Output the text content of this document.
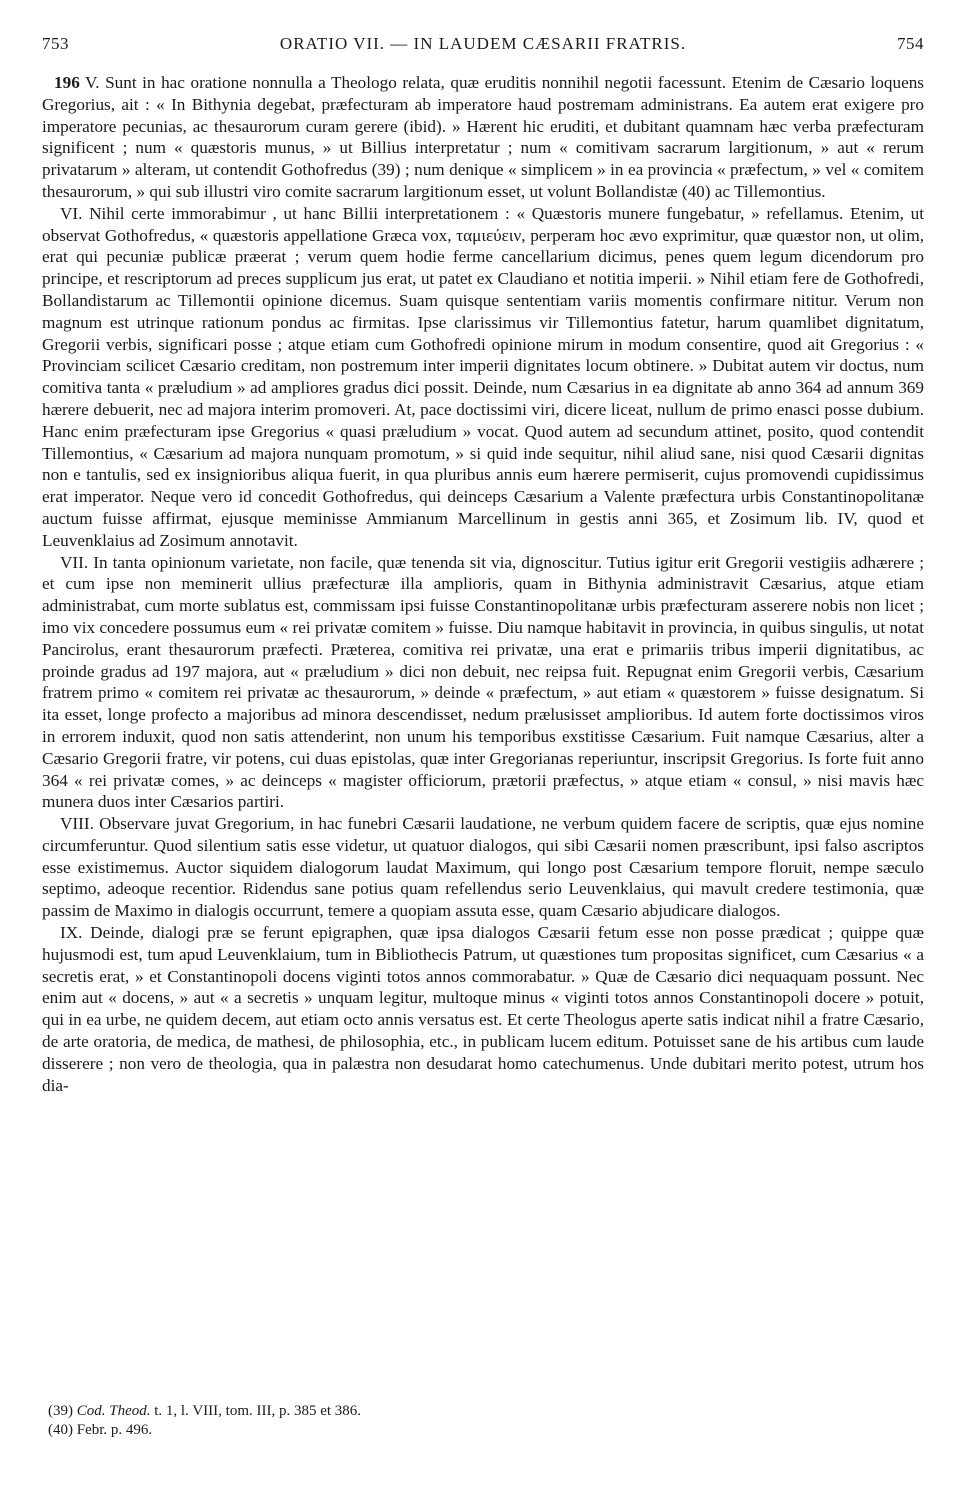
753	ORATIO VII. — IN LAUDEM CÆSARII FRATRIS.	754

196 V. Sunt in hac oratione nonnulla a Theologo relata, quæ eruditis nonnihil negotii facessunt. Etenim de Cæsario loquens Gregorius, ait : « In Bithynia degebat, præfecturam ab imperatore haud postremam administrans. Ea autem erat exigere pro imperatore pecunias, ac thesaurorum curam gerere (ibid). » Hærent hic eruditi, et dubitant quamnam hæc verba præfecturam significent ; num « quæstoris munus, » ut Billius interpretatur ; num « comitivam sacrarum largitionum, » aut « rerum privatarum » alteram, ut contendit Gothofredus (39) ; num denique « simplicem » in ea provincia « præfectum, » vel « comitem thesaurorum, » qui sub illustri viro comite sacrarum largitionum esset, ut volunt Bollandistæ (40) ac Tillemontius.

VI. Nihil certe immorabimur , ut hanc Billii interpretationem : « Quæstoris munere fungebatur, » refellamus. Etenim, ut observat Gothofredus, « quæstoris appellatione Græca vox, ταμιεύειν, perperam hoc ævo exprimitur, quæ quæstor non, ut olim, erat qui pecuniæ publicæ præerat ; verum quem hodie ferme cancellarium dicimus, penes quem legum dicendorum pro principe, et rescriptorum ad preces supplicum jus erat, ut patet ex Claudiano et notitia imperii. » Nihil etiam fere de Gothofredi, Bollandistarum ac Tillemontii opinione dicemus. Suam quisque sententiam variis momentis confirmare nititur. Verum non magnum est utrinque rationum pondus ac firmitas. Ipse clarissimus vir Tillemontius fatetur, harum quamlibet dignitatum, Gregorii verbis, significari posse ; atque etiam cum Gothofredi opinione mirum in modum consentire, quod ait Gregorius : « Provinciam scilicet Cæsario creditam, non postremum inter imperii dignitates locum obtinere. » Dubitat autem vir doctus, num comitiva tanta « præludium » ad ampliores gradus dici possit. Deinde, num Cæsarius in ea dignitate ab anno 364 ad annum 369 hærere debuerit, nec ad majora interim promoveri. At, pace doctissimi viri, dicere liceat, nullum de primo enasci posse dubium. Hanc enim præfecturam ipse Gregorius « quasi præludium » vocat. Quod autem ad secundum attinet, posito, quod contendit Tillemontius, « Cæsarium ad majora nunquam promotum, » si quid inde sequitur, nihil aliud sane, nisi quod Cæsarii dignitas non e tantulis, sed ex insignioribus aliqua fuerit, in qua pluribus annis eum hærere permiserit, cujus promovendi cupidissimus erat imperator. Neque vero id concedit Gothofredus, qui deinceps Cæsarium a Valente præfectura urbis Constantinopolitanæ auctum fuisse affirmat, ejusque meminisse Ammianum Marcellinum in gestis anni 365, et Zosimum lib. IV, quod et Leuvenklaius ad Zosimum annotavit.

VII. In tanta opinionum varietate, non facile, quæ tenenda sit via, dignoscitur. Tutius igitur erit Gregorii vestigiis adhærere ; et cum ipse non meminerit ullius præfecturæ illa amplioris, quam in Bithynia administravit Cæsarius, atque etiam administrabat, cum morte sublatus est, commissam ipsi fuisse Constantinopolitanæ urbis præfecturam asserere nobis non licet ; imo vix concedere possumus eum « rei privatæ comitem » fuisse. Diu namque habitavit in provincia, in quibus singulis, ut notat Pancirolus, erant thesaurorum præfecti. Præterea, comitiva rei privatæ, una erat e primariis tribus imperii dignitatibus, ac proinde gradus ad 197 majora, aut « præludium » dici non debuit, nec reipsa fuit. Repugnat enim Gregorii verbis, Cæsarium fratrem primo « comitem rei privatæ ac thesaurorum, » deinde « præfectum, » aut etiam « quæstorem » fuisse designatum. Si ita esset, longe profecto a majoribus ad minora descendisset, nedum prælusisset amplioribus. Id autem forte doctissimos viros in errorem induxit, quod non satis attenderint, non unum his temporibus exstitisse Cæsarium. Fuit namque Cæsarius, alter a Cæsario Gregorii fratre, vir potens, cui duas epistolas, quæ inter Gregorianas reperiuntur, inscripsit Gregorius. Is forte fuit anno 364 « rei privatæ comes, » ac deinceps « magister officiorum, prætorii præfectus, » atque etiam « consul, » nisi mavis hæc munera duos inter Cæsarios partiri.

VIII. Observare juvat Gregorium, in hac funebri Cæsarii laudatione, ne verbum quidem facere de scriptis, quæ ejus nomine circumferuntur. Quod silentium satis esse videtur, ut quatuor dialogos, qui sibi Cæsarii nomen præscribunt, ipsi falso ascriptos esse existimemus. Auctor siquidem dialogorum laudat Maximum, qui longo post Cæsarium tempore floruit, nempe sæculo septimo, adeoque recentior. Ridendus sane potius quam refellendus serio Leuvenklaius, qui mavult credere testimonia, quæ passim de Maximo in dialogis occurrunt, temere a quopiam assuta esse, quam Cæsario abjudicare dialogos.

IX. Deinde, dialogi præ se ferunt epigraphen, quæ ipsa dialogos Cæsarii fetum esse non posse prædicat ; quippe quæ hujusmodi est, tum apud Leuvenklaium, tum in Bibliothecis Patrum, ut quæstiones tum propositas significet, cum Cæsarius « a secretis erat, » et Constantinopoli docens viginti totos annos commorabatur. » Quæ de Cæsario dici nequaquam possunt. Nec enim aut « docens, » aut « a secretis » unquam legitur, multoque minus « viginti totos annos Constantinopoli docere » potuit, qui in ea urbe, ne quidem decem, aut etiam octo annis versatus est. Et certe Theologus aperte satis indicat nihil a fratre Cæsario, de arte oratoria, de medica, de mathesi, de philosophia, etc., in publicam lucem editum. Potuisset sane de his artibus cum laude disserere ; non vero de theologia, qua in palæstra non desudarat homo catechumenus. Unde dubitari merito potest, utrum hos dia-

(39) Cod. Theod. t. 1, l. VIII, tom. III, p. 385 et 386.

(40) Febr. p. 496.
